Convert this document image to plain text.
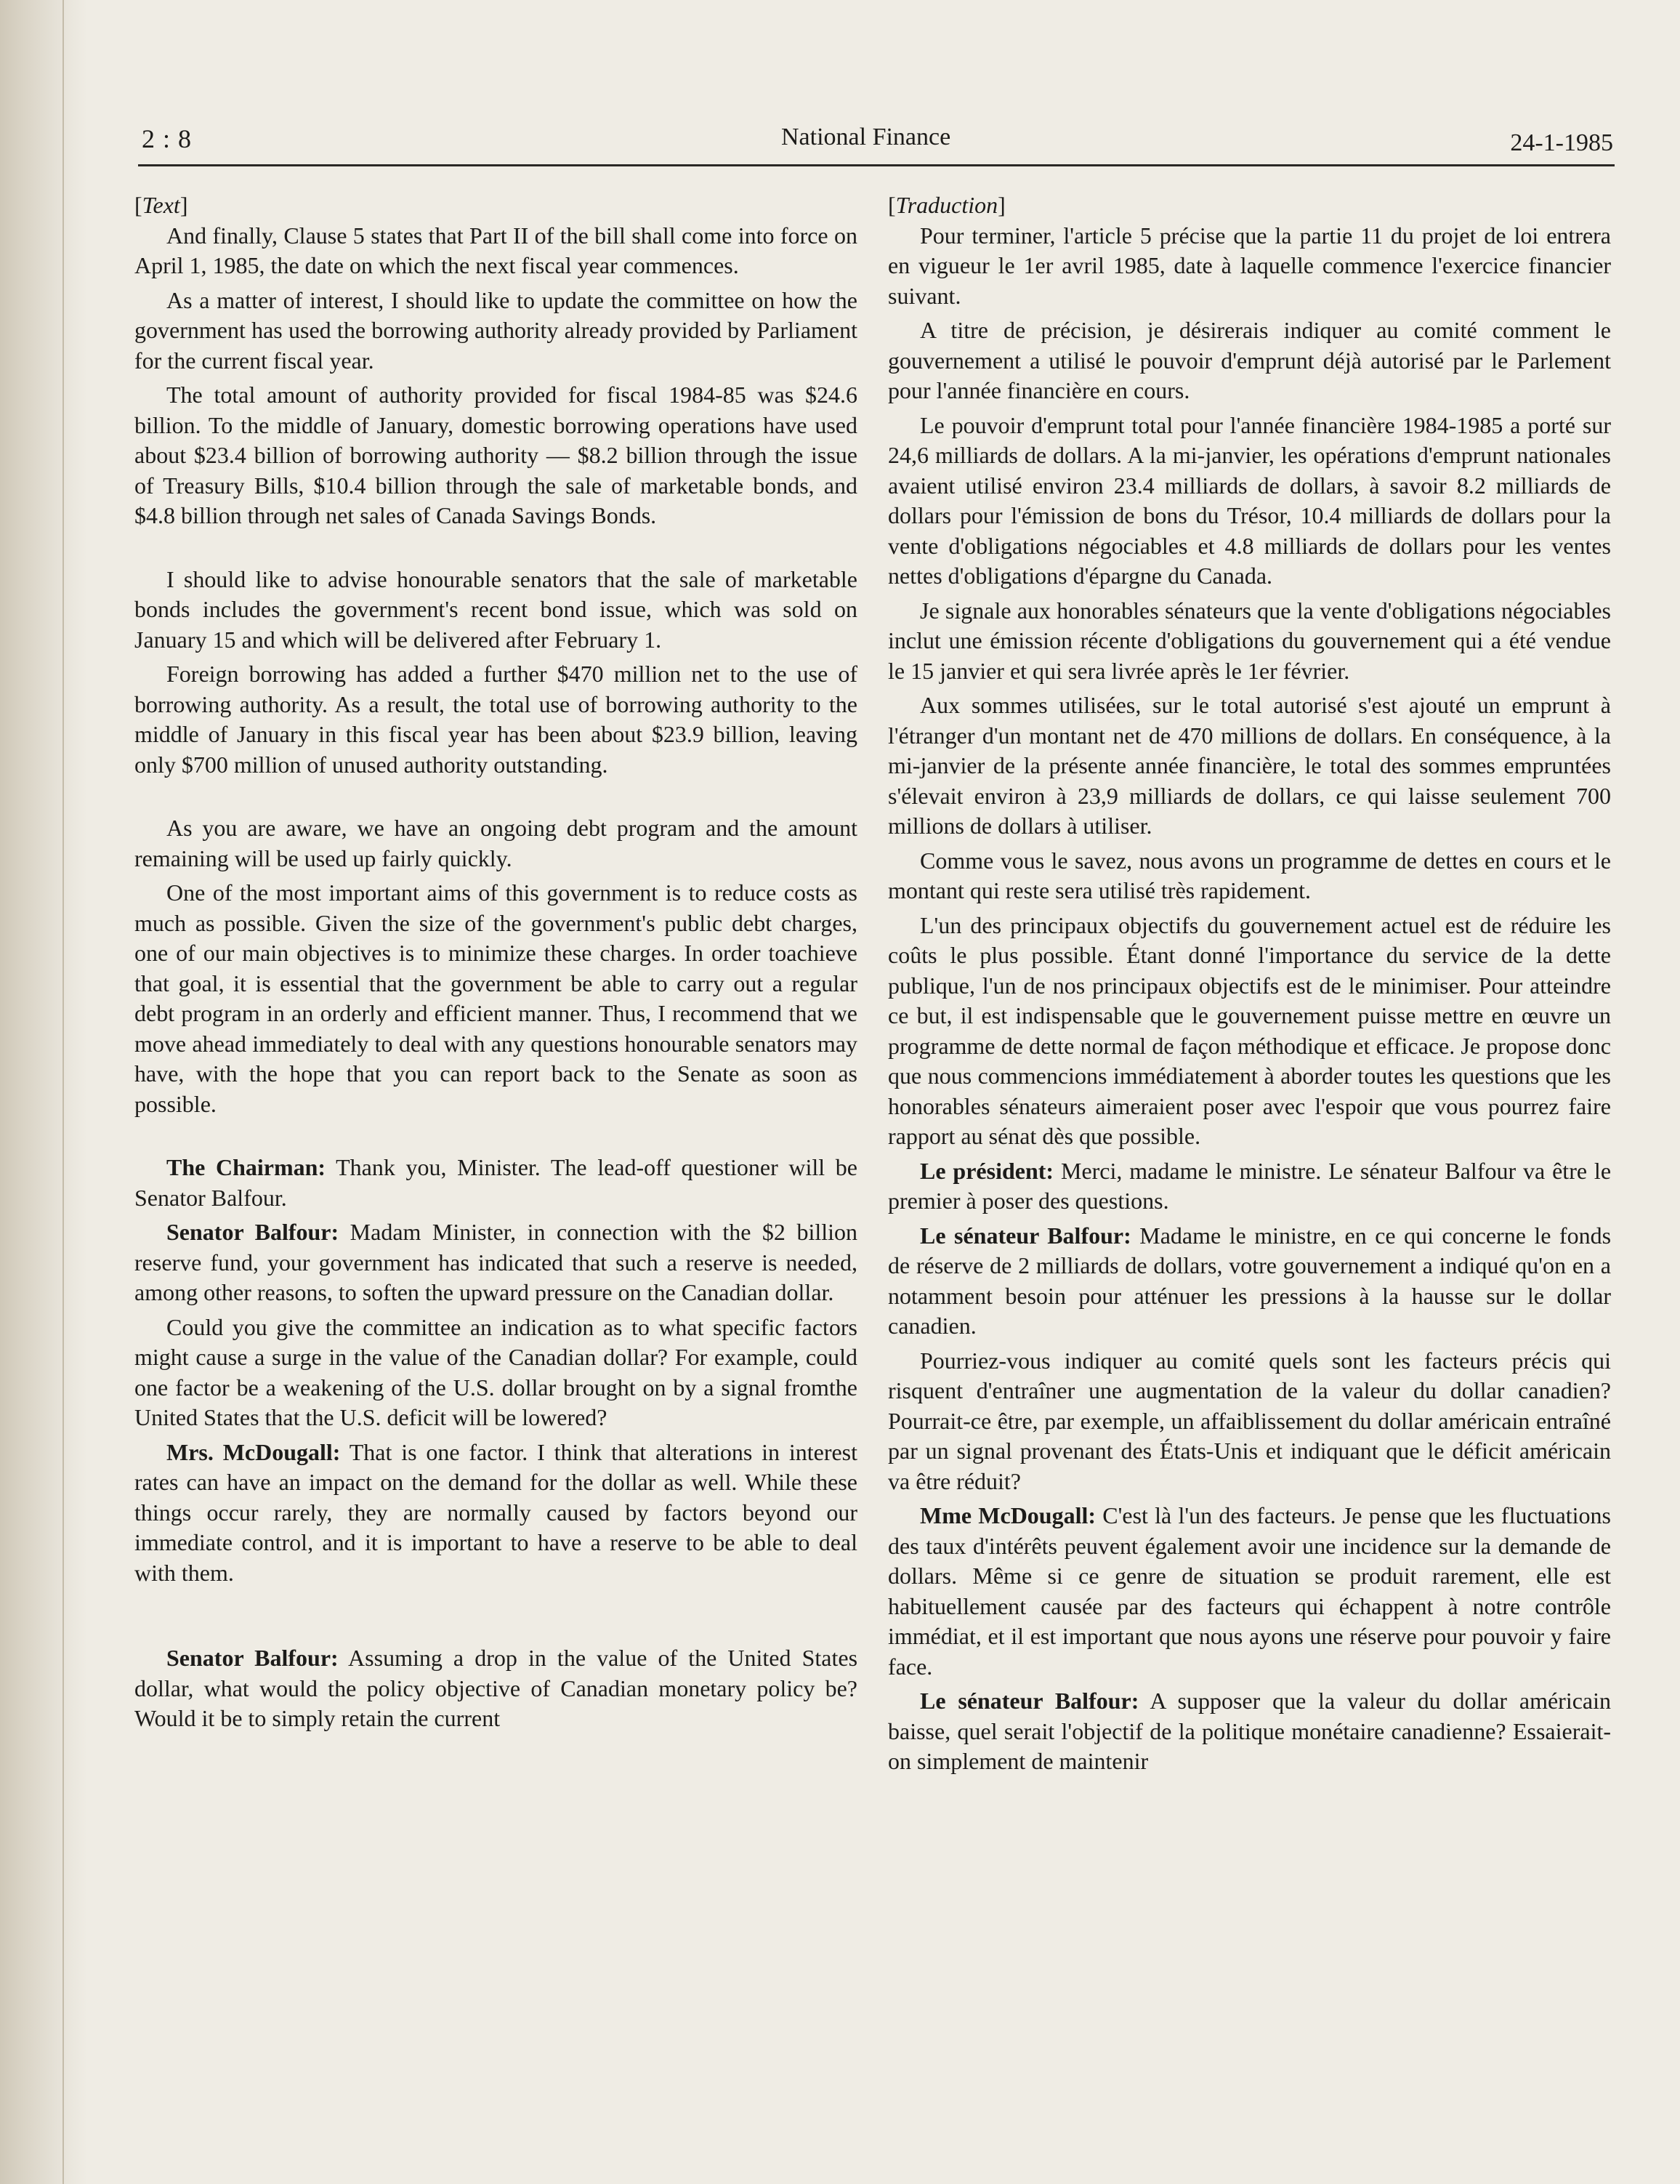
2 : 8	National Finance	24-1-1985

[Text]

And finally, Clause 5 states that Part II of the bill shall come into force on April 1, 1985, the date on which the next fiscal year commences.

As a matter of interest, I should like to update the committee on how the government has used the borrowing authority already provided by Parliament for the current fiscal year.

The total amount of authority provided for fiscal 1984-85 was $24.6 billion. To the middle of January, domestic borrowing operations have used about $23.4 billion of borrowing authority — $8.2 billion through the issue of Treasury Bills, $10.4 billion through the sale of marketable bonds, and $4.8 billion through net sales of Canada Savings Bonds.

I should like to advise honourable senators that the sale of marketable bonds includes the government's recent bond issue, which was sold on January 15 and which will be delivered after February 1.

Foreign borrowing has added a further $470 million net to the use of borrowing authority. As a result, the total use of borrowing authority to the middle of January in this fiscal year has been about $23.9 billion, leaving only $700 million of unused authority outstanding.

As you are aware, we have an ongoing debt program and the amount remaining will be used up fairly quickly.

One of the most important aims of this government is to reduce costs as much as possible. Given the size of the government's public debt charges, one of our main objectives is to minimize these charges. In order toachieve that goal, it is essential that the government be able to carry out a regular debt program in an orderly and efficient manner. Thus, I recommend that we move ahead immediately to deal with any questions honourable senators may have, with the hope that you can report back to the Senate as soon as possible.

The Chairman: Thank you, Minister. The lead-off questioner will be Senator Balfour.

Senator Balfour: Madam Minister, in connection with the $2 billion reserve fund, your government has indicated that such a reserve is needed, among other reasons, to soften the upward pressure on the Canadian dollar.

Could you give the committee an indication as to what specific factors might cause a surge in the value of the Canadian dollar? For example, could one factor be a weakening of the U.S. dollar brought on by a signal fromthe United States that the U.S. deficit will be lowered?

Mrs. McDougall: That is one factor. I think that alterations in interest rates can have an impact on the demand for the dollar as well. While these things occur rarely, they are normally caused by factors beyond our immediate control, and it is important to have a reserve to be able to deal with them.

Senator Balfour: Assuming a drop in the value of the United States dollar, what would the policy objective of Canadian monetary policy be? Would it be to simply retain the current

[Traduction]

Pour terminer, l'article 5 précise que la partie 11 du projet de loi entrera en vigueur le 1er avril 1985, date à laquelle commence l'exercice financier suivant.

A titre de précision, je désirerais indiquer au comité comment le gouvernement a utilisé le pouvoir d'emprunt déjà autorisé par le Parlement pour l'année financière en cours.

Le pouvoir d'emprunt total pour l'année financière 1984-1985 a porté sur 24,6 milliards de dollars. A la mi-janvier, les opérations d'emprunt nationales avaient utilisé environ 23.4 milliards de dollars, à savoir 8.2 milliards de dollars pour l'émission de bons du Trésor, 10.4 milliards de dollars pour la vente d'obligations négociables et 4.8 milliards de dollars pour les ventes nettes d'obligations d'épargne du Canada.

Je signale aux honorables sénateurs que la vente d'obligations négociables inclut une émission récente d'obligations du gouvernement qui a été vendue le 15 janvier et qui sera livrée après le 1er février.

Aux sommes utilisées, sur le total autorisé s'est ajouté un emprunt à l'étranger d'un montant net de 470 millions de dollars. En conséquence, à la mi-janvier de la présente année financière, le total des sommes empruntées s'élevait environ à 23,9 milliards de dollars, ce qui laisse seulement 700 millions de dollars à utiliser.

Comme vous le savez, nous avons un programme de dettes en cours et le montant qui reste sera utilisé très rapidement.

L'un des principaux objectifs du gouvernement actuel est de réduire les coûts le plus possible. Étant donné l'importance du service de la dette publique, l'un de nos principaux objectifs est de le minimiser. Pour atteindre ce but, il est indispensable que le gouvernement puisse mettre en œuvre un programme de dette normal de façon méthodique et efficace. Je propose donc que nous commencions immédiatement à aborder toutes les questions que les honorables sénateurs aimeraient poser avec l'espoir que vous pourrez faire rapport au sénat dès que possible.

Le président: Merci, madame le ministre. Le sénateur Balfour va être le premier à poser des questions.

Le sénateur Balfour: Madame le ministre, en ce qui concerne le fonds de réserve de 2 milliards de dollars, votre gouvernement a indiqué qu'on en a notamment besoin pour atténuer les pressions à la hausse sur le dollar canadien.

Pourriez-vous indiquer au comité quels sont les facteurs précis qui risquent d'entraîner une augmentation de la valeur du dollar canadien? Pourrait-ce être, par exemple, un affaiblissement du dollar américain entraîné par un signal provenant des États-Unis et indiquant que le déficit américain va être réduit?

Mme McDougall: C'est là l'un des facteurs. Je pense que les fluctuations des taux d'intérêts peuvent également avoir une incidence sur la demande de dollars. Même si ce genre de situation se produit rarement, elle est habituellement causée par des facteurs qui échappent à notre contrôle immédiat, et il est important que nous ayons une réserve pour pouvoir y faire face.

Le sénateur Balfour: A supposer que la valeur du dollar américain baisse, quel serait l'objectif de la politique monétaire canadienne? Essaierait-on simplement de maintenir
